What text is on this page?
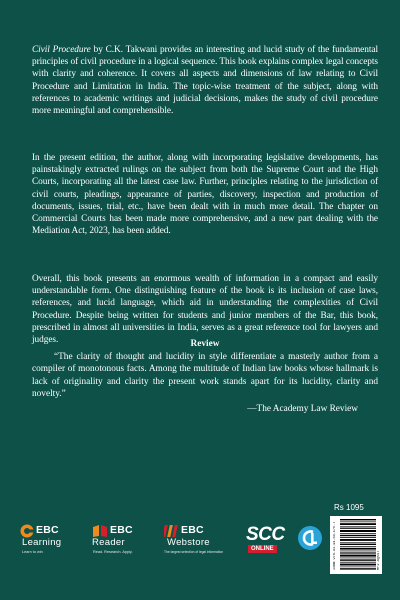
Civil Procedure by C.K. Takwani provides an interesting and lucid study of the fundamental principles of civil procedure in a logical sequence. This book explains complex legal concepts with clarity and coherence. It covers all aspects and dimensions of law relating to Civil Procedure and Limitation in India. The topic-wise treatment of the subject, along with references to academic writings and judicial decisions, makes the study of civil procedure more meaningful and comprehensible.

In the present edition, the author, along with incorporating legislative developments, has painstakingly extracted rulings on the subject from both the Supreme Court and the High Courts, incorporating all the latest case law. Further, principles relating to the jurisdiction of civil courts, pleadings, appearance of parties, discovery, inspection and production of documents, issues, trial, etc., have been dealt with in much more detail. The chapter on Commercial Courts has been made more comprehensive, and a new part dealing with the Mediation Act, 2023, has been added.

Overall, this book presents an enormous wealth of information in a compact and easily understandable form. One distinguishing feature of the book is its inclusion of case laws, references, and lucid language, which aid in understanding the complexities of Civil Procedure. Despite being written for students and junior members of the Bar, this book, prescribed in almost all universities in India, serves as a great reference tool for lawyers and judges.	Review
“The clarity of thought and lucidity in style differentiate a masterly author from a compiler of monotonous facts. Among the multitude of Indian law books whose hallmark is lack of originality and clarity the present work stands apart for its lucidity, clarity and novelty.”
—The Academy Law Review
Rs 1095
ISBN 978-93-94-84-170-7	MF2 AQ547
EBC
Learning
Learn to win
EBC
Reader
Read. Research. Apply.
EBC
Webstore
The largest selection of legal information
SCC
ONLINE
